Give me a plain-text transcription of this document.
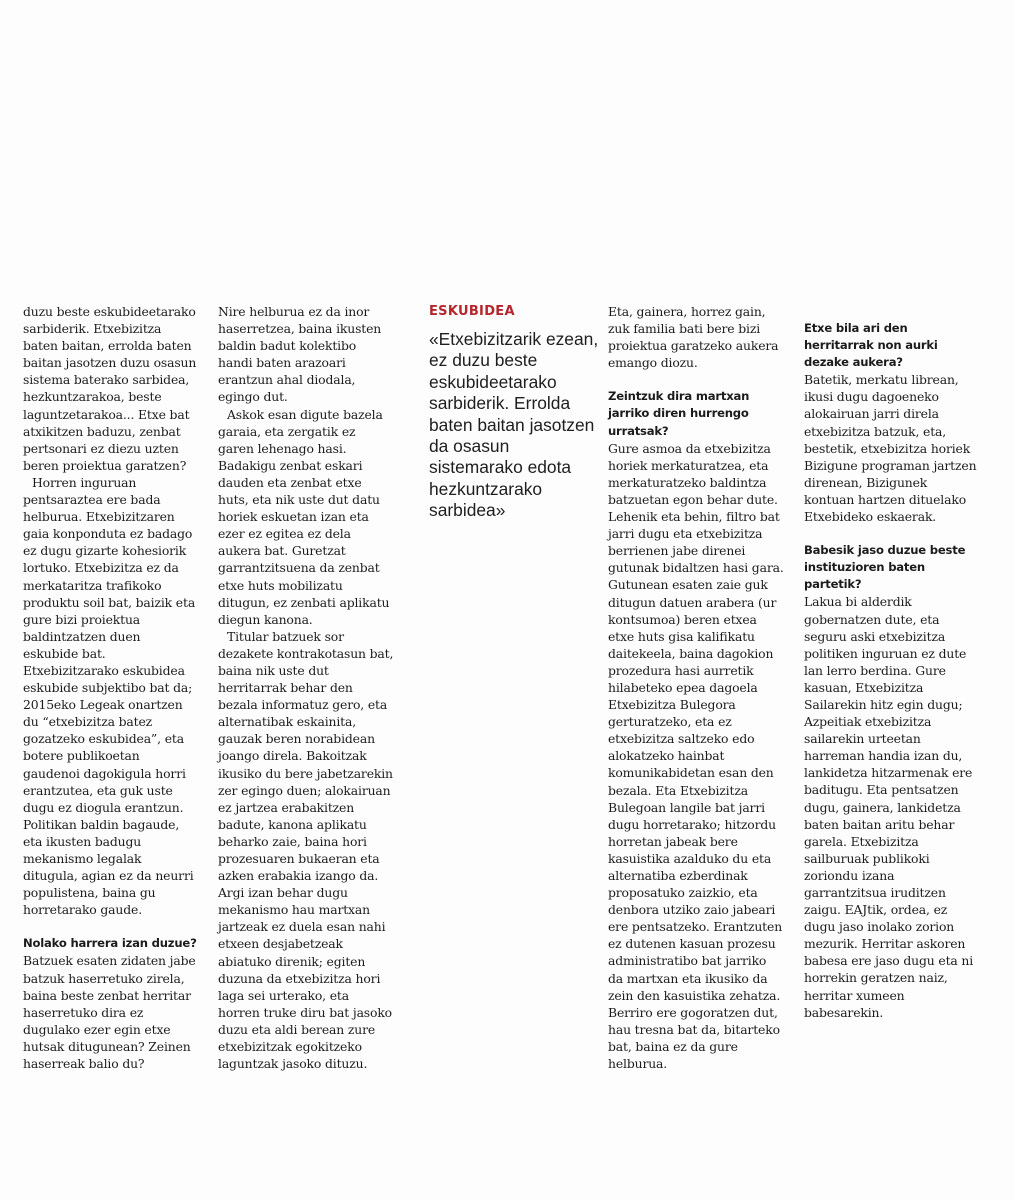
duzu beste eskubideetarako sarbiderik. Etxebizitza baten baitan, errolda baten baitan jasotzen duzu osasun sistema baterako sarbidea, hezkuntzarakoa, beste laguntzetarakoa... Etxe bat atxikitzen baduzu, zenbat pertsonari ez diezu uzten beren proiektua garatzen?

Horren inguruan pentsaraztea ere bada helburua. Etxebizitzaren gaia konponduta ez badago ez dugu gizarte kohesiorik lortuko. Etxebizitza ez da merkataritza trafikoko produktu soil bat, baizik eta gure bizi proiektua baldintzatzen duen eskubide bat. Etxebizitzarako eskubidea eskubide subjektibo bat da; 2015eko Legeak onartzen du “etxebizitza batez gozatzeko eskubidea”, eta botere publikoetan gaudenoi dagokigula horri erantzutea, eta guk uste dugu ez diogula erantzun. Politikan baldin bagaude, eta ikusten badugu mekanismo legalak ditugula, agian ez da neurri populistena, baina gu horretarako gaude.

Nolako harrera izan duzue?

Batzuek esaten zidaten jabe batzuk haserretuko zirela, baina beste zenbat herritar haserretuko dira ez dugulako ezer egin etxe hutsak ditugunean? Zeinen haserreak balio du?

Nire helburua ez da inor haserretzea, baina ikusten baldin badut kolektibo handi baten arazoari erantzun ahal diodala, egingo dut.

Askok esan digute bazela garaia, eta zergatik ez garen lehenago hasi. Badakigu zenbat eskari dauden eta zenbat etxe huts, eta nik uste dut datu horiek eskuetan izan eta ezer ez egitea ez dela aukera bat. Guretzat garrantzitsuena da zenbat etxe huts mobilizatu ditugun, ez zenbati aplikatu diegun kanona.

Titular batzuek sor dezakete kontrakotasun bat, baina nik uste dut herritarrak behar den bezala informatuz gero, eta alternatibak eskainita, gauzak beren norabidean joango direla. Bakoitzak ikusiko du bere jabetzarekin zer egingo duen; alokairuan ez jartzea erabakitzen badute, kanona aplikatu beharko zaie, baina hori prozesuaren bukaeran eta azken erabakia izango da. Argi izan behar dugu mekanismo hau martxan jartzeak ez duela esan nahi etxeen desjabetzeak abiatuko direnik; egiten duzuna da etxebizitza hori laga sei urterako, eta horren truke diru bat jasoko duzu eta aldi berean zure etxebizitzak egokitzeko laguntzak jasoko dituzu.

ESKUBIDEA
«Etxebizitzarik ezean, ez duzu beste eskubideetarako sarbiderik. Errolda baten baitan jasotzen da osasun sistemarako edota hezkuntzarako sarbidea»

Eta, gainera, horrez gain, zuk familia bati bere bizi proiektua garatzeko aukera emango diozu.

Zeintzuk dira martxan jarriko diren hurrengo urratsak?

Gure asmoa da etxebizitza horiek merkaturatzea, eta merkaturatzeko baldintza batzuetan egon behar dute. Lehenik eta behin, filtro bat jarri dugu eta etxebizitza berrienen jabe direnei gutunak bidaltzen hasi gara. Gutunean esaten zaie guk ditugun datuen arabera (ur kontsumoa) beren etxea etxe huts gisa kalifikatu daitekeela, baina dagokion prozedura hasi aurretik hilabeteko epea dagoela Etxebizitza Bulegora gerturatzeko, eta ez etxebizitza saltzeko edo alokatzeko hainbat komunikabidetan esan den bezala. Eta Etxebizitza Bulegoan langile bat jarri dugu horretarako; hitzordu horretan jabeak bere kasuistika azalduko du eta alternatiba ezberdinak proposatuko zaizkio, eta denbora utziko zaio jabeari ere pentsatzeko. Erantzuten ez dutenen kasuan prozesu administratibo bat jarriko da martxan eta ikusiko da zein den kasuistika zehatza. Berriro ere gogoratzen dut, hau tresna bat da, bitarteko bat, baina ez da gure helburua.

Etxe bila ari den herritarrak non aurki dezake aukera?

Batetik, merkatu librean, ikusi dugu dagoeneko alokairuan jarri direla etxebizitza batzuk, eta, bestetik, etxebizitza horiek Bizigune programan jartzen direnean, Bizigunek kontuan hartzen dituelako Etxebideko eskaerak.

Babesik jaso duzue beste instituzioren baten partetik?

Lakua bi alderdik gobernatzen dute, eta seguru aski etxebizitza politiken inguruan ez dute lan lerro berdina. Gure kasuan, Etxebizitza Sailarekin hitz egin dugu; Azpeitiak etxebizitza sailarekin urteetan harreman handia izan du, lankidetza hitzarmenak ere baditugu. Eta pentsatzen dugu, gainera, lankidetza baten baitan aritu behar garela. Etxebizitza sailburuak publikoki zoriondu izana garrantzitsua iruditzen zaigu. EAJtik, ordea, ez dugu jaso inolako zorion mezurik. Herritar askoren babesa ere jaso dugu eta ni horrekin geratzen naiz, herritar xumeen babesarekin.
